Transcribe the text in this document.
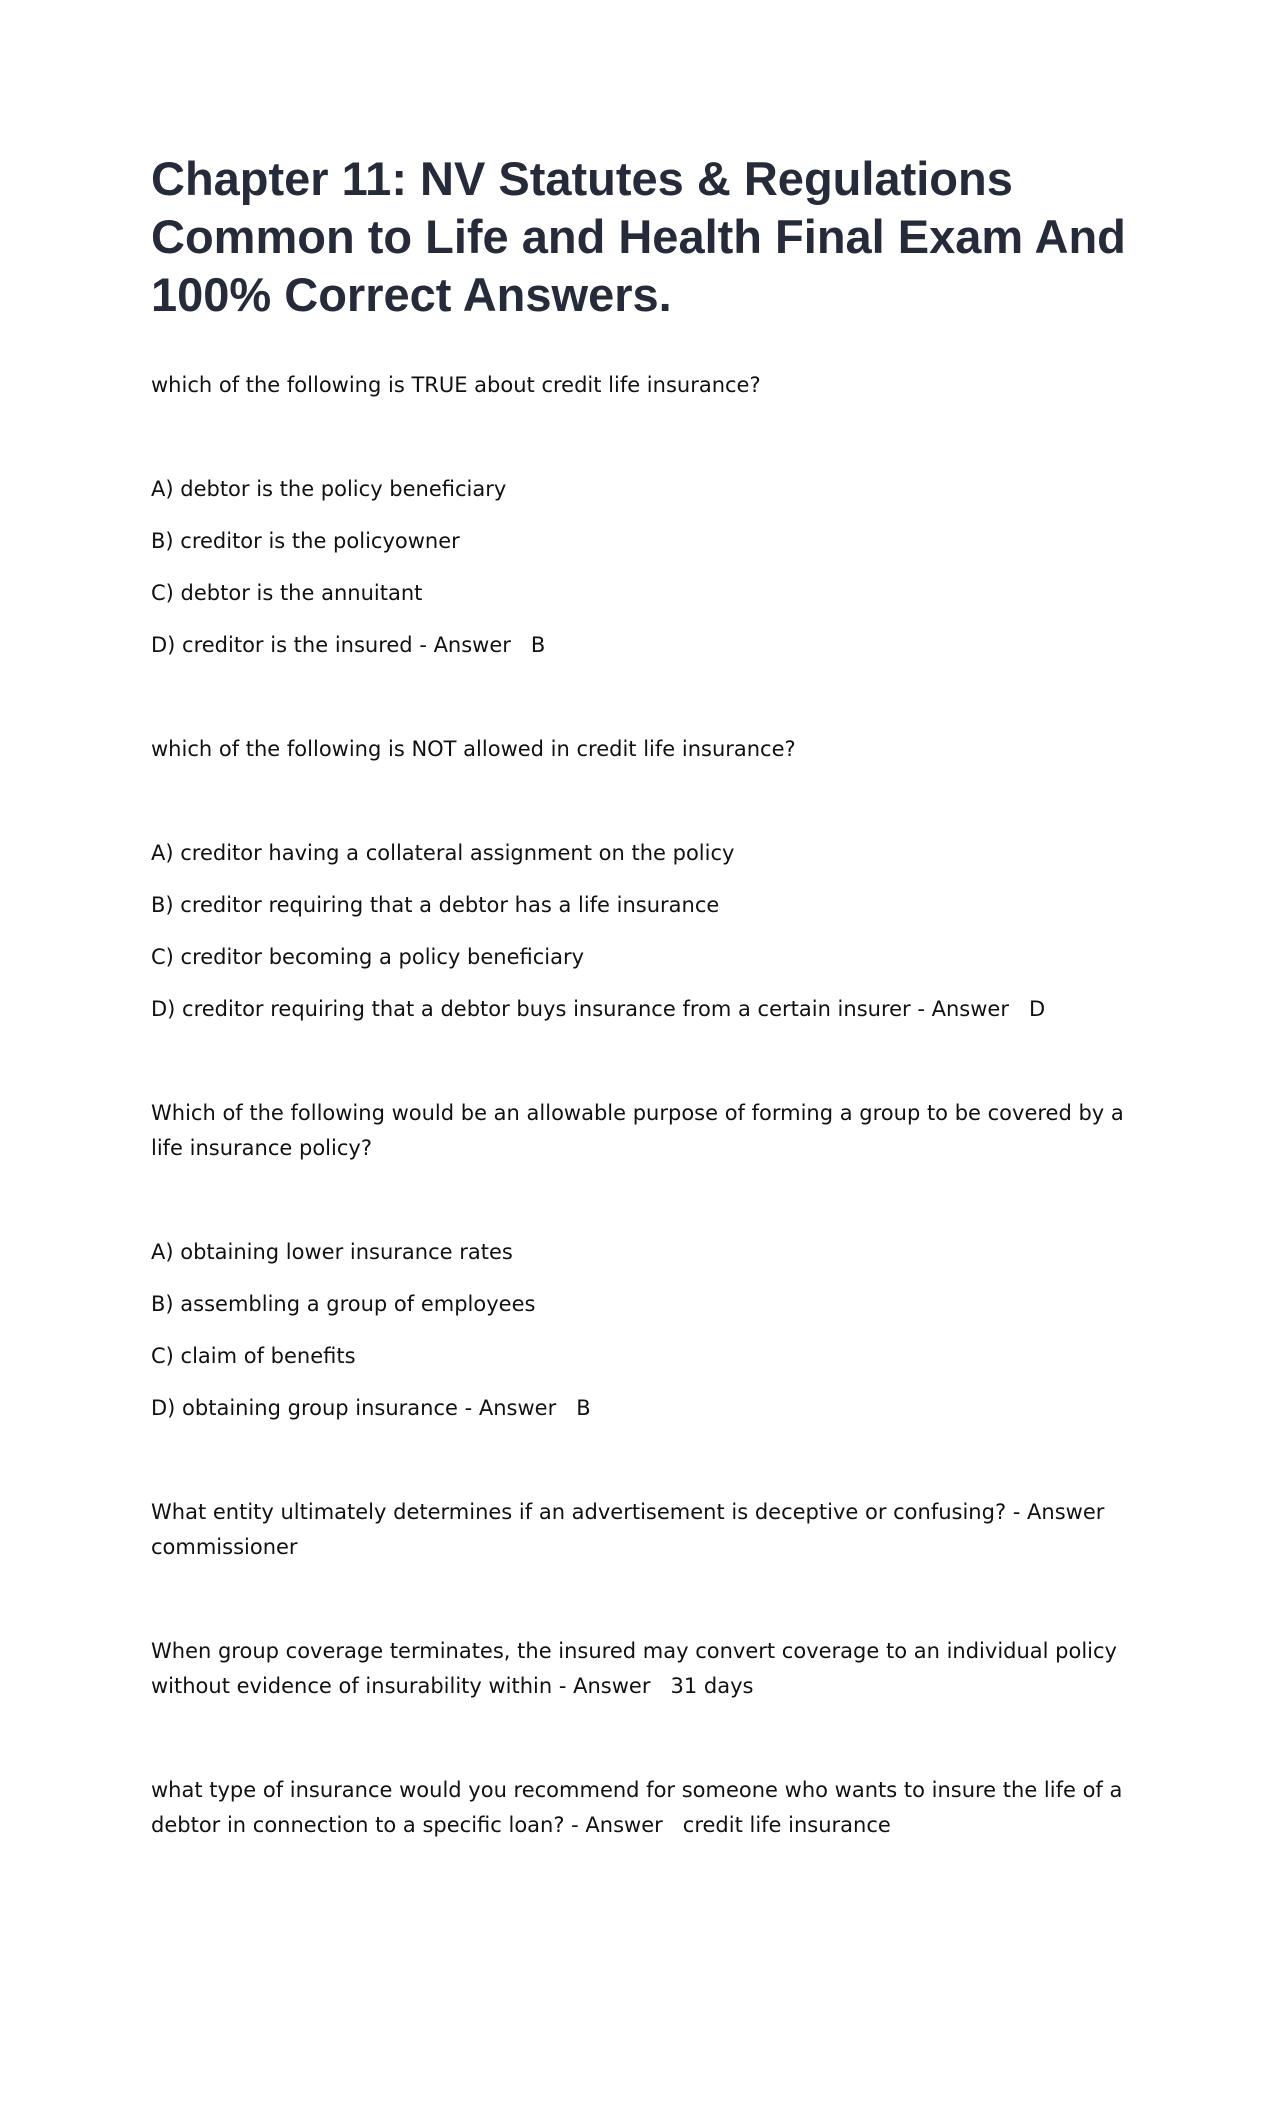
Chapter 11: NV Statutes & Regulations Common to Life and Health Final Exam And 100% Correct Answers.

which of the following is TRUE about credit life insurance?

A) debtor is the policy beneficiary

B) creditor is the policyowner

C) debtor is the annuitant

D) creditor is the insured - Answer B

which of the following is NOT allowed in credit life insurance?

A) creditor having a collateral assignment on the policy

B) creditor requiring that a debtor has a life insurance

C) creditor becoming a policy beneficiary

D) creditor requiring that a debtor buys insurance from a certain insurer - Answer D

Which of the following would be an allowable purpose of forming a group to be covered by a life insurance policy?

A) obtaining lower insurance rates

B) assembling a group of employees

C) claim of benefits

D) obtaining group insurance - Answer B

What entity ultimately determines if an advertisement is deceptive or confusing? - Answer
commissioner

When group coverage terminates, the insured may convert coverage to an individual policy without evidence of insurability within - Answer 31 days

what type of insurance would you recommend for someone who wants to insure the life of a debtor in connection to a specific loan? - Answer credit life insurance
